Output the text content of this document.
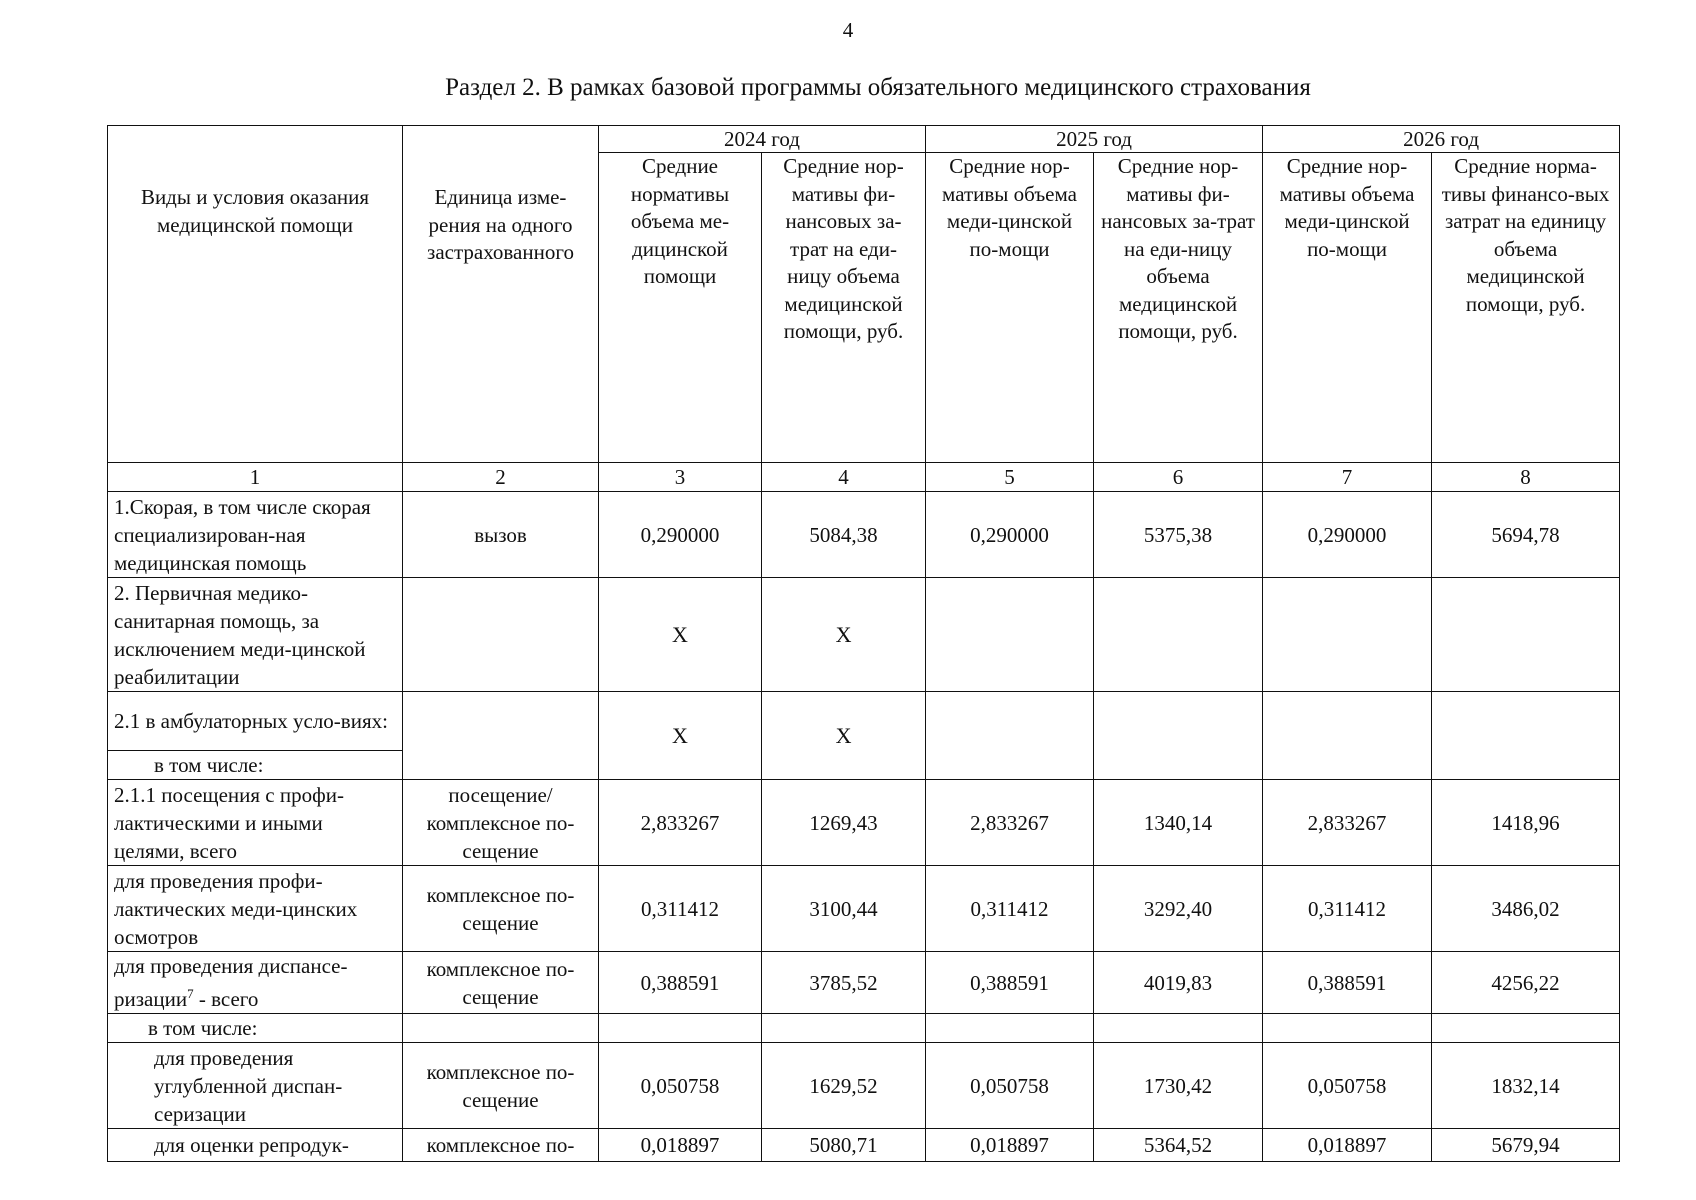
4
Раздел 2. В рамках базовой программы обязательного медицинского страхования
Виды и условия оказания медицинской помощи	Единица изме-рения на одного застрахованного	2024 год		2025 год		2026 год	
		Средние нормативы объема ме-дицинской помощи	Средние нор-мативы фи-нансовых за-трат на еди-ницу объема медицинской помощи, руб.	Средние нор-мативы объема меди-цинской по-мощи	Средние нор-мативы фи-нансовых за-трат на еди-ницу объема медицинской помощи, руб.	Средние нор-мативы объема меди-цинской по-мощи	Средние норма-тивы финансо-вых затрат на единицу объема медицинской помощи, руб.
1	2	3	4	5	6	7	8
1.Скорая, в том числе скорая специализирован-ная медицинская помощь	вызов	0,290000	5084,38	0,290000	5375,38	0,290000	5694,78
2. Первичная медико-санитарная помощь, за исключением меди-цинской реабилитации		X	X				
2.1 в амбулаторных усло-виях:		X	X				
в том числе:							
2.1.1 посещения с профи-лактическими и иными целями, всего	посещение/ комплексное по-сещение	2,833267	1269,43	2,833267	1340,14	2,833267	1418,96
для проведения профи-лактических меди-цинских осмотров	комплексное по-сещение	0,311412	3100,44	0,311412	3292,40	0,311412	3486,02
для проведения диспансе-ризации$^7$ - всего	комплексное по-сещение	0,388591	3785,52	0,388591	4019,83	0,388591	4256,22
в том числе:							
для проведения углубленной диспан-серизации	комплексное по-сещение	0,050758	1629,52	0,050758	1730,42	0,050758	1832,14
для оценки репродук-	комплексное по-	0,018897	5080,71	0,018897	5364,52	0,018897	5679,94
